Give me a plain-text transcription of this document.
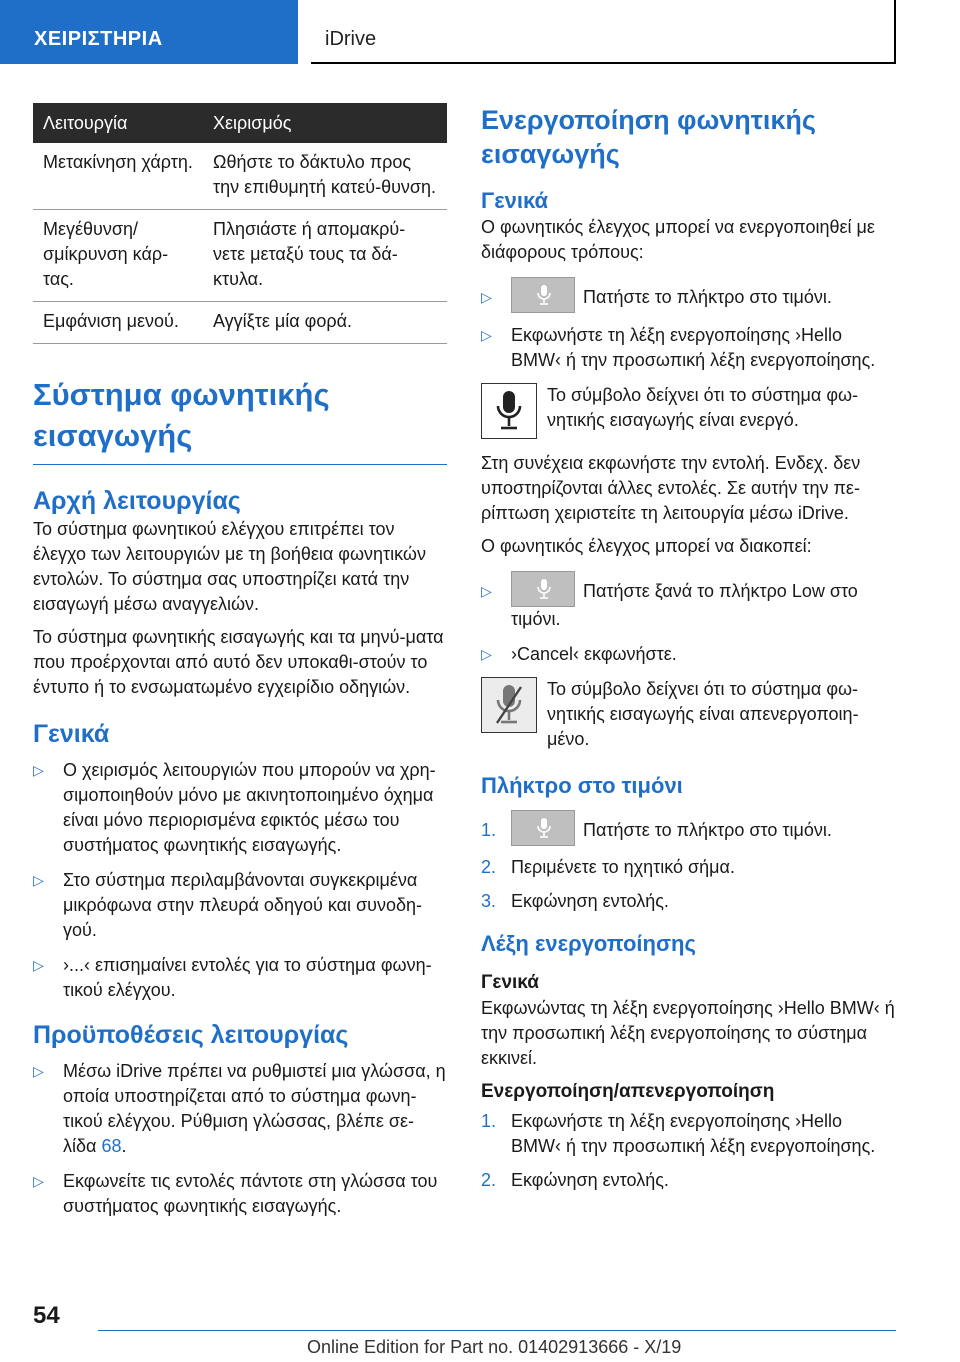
ΧΕΙΡΙΣΤΗΡΙΑ	iDrive
Λειτουργία	Χειρισμός
Μετακίνηση χάρτη.	Ωθήστε το δάκτυλο προς την επιθυμητή κατεύ-θυνση.
Μεγέθυνση/σμίκρυνση κάρ-τας.	Πλησιάστε ή απομακρύ-νετε μεταξύ τους τα δά-κτυλα.
Εμφάνιση μενού.	Αγγίξτε μία φορά.
Σύστημα φωνητικής εισαγωγής
Αρχή λειτουργίας

Το σύστημα φωνητικού ελέγχου επιτρέπει τον έλεγχο των λειτουργιών με τη βοήθεια φωνητικών εντολών. Το σύστημα σας υποστηρίζει κατά την εισαγωγή μέσω αναγγελιών.

Το σύστημα φωνητικής εισαγωγής και τα μηνύ-ματα που προέρχονται από αυτό δεν υποκαθι-στούν το έντυπο ή το ενσωματωμένο εγχειρίδιο οδηγιών.

Γενικά
▷ Ο χειρισμός λειτουργιών που μπορούν να χρη-σιμοποιηθούν μόνο με ακινητοποιημένο όχημα είναι μόνο περιορισμένα εφικτός μέσω του συστήματος φωνητικής εισαγωγής.
▷ Στο σύστημα περιλαμβάνονται συγκεκριμένα μικρόφωνα στην πλευρά οδηγού και συνοδη-γού.
▷ ›...‹ επισημαίνει εντολές για το σύστημα φωνη-τικού ελέγχου.
Προϋποθέσεις λειτουργίας
▷ Μέσω iDrive πρέπει να ρυθμιστεί μια γλώσσα, η οποία υποστηρίζεται από το σύστημα φωνη-τικού ελέγχου. Ρύθμιση γλώσσας, βλέπε σε-λίδα 68.
▷ Εκφωνείτε τις εντολές πάντοτε στη γλώσσα του συστήματος φωνητικής εισαγωγής.
Ενεργοποίηση φωνητικής εισαγωγής
Γενικά

Ο φωνητικός έλεγχος μπορεί να ενεργοποιηθεί με διάφορους τρόπους:

▷	Πατήστε το πλήκτρο στο τιμόνι.
▷ Εκφωνήστε τη λέξη ενεργοποίησης ›Hello BMW‹ ή την προσωπική λέξη ενεργοποίησης.
Το σύμβολο δείχνει ότι το σύστημα φω-νητικής εισαγωγής είναι ενεργό.

Στη συνέχεια εκφωνήστε την εντολή. Ενδεχ. δεν υποστηρίζονται άλλες εντολές. Σε αυτήν την πε-ρίπτωση χειριστείτε τη λειτουργία μέσω iDrive.

Ο φωνητικός έλεγχος μπορεί να διακοπεί:

▷	Πατήστε ξανά το πλήκτρο Low στο τιμόνι.
▷ ›Cancel‹ εκφωνήστε.
Το σύμβολο δείχνει ότι το σύστημα φω-νητικής εισαγωγής είναι απενεργοποιη-μένο.
Πλήκτρο στο τιμόνι
1.	Πατήστε το πλήκτρο στο τιμόνι.
2. Περιμένετε το ηχητικό σήμα.
3. Εκφώνηση εντολής.
Λέξη ενεργοποίησης
Γενικά

Εκφωνώντας τη λέξη ενεργοποίησης ›Hello BMW‹ ή την προσωπική λέξη ενεργοποίησης το σύστημα εκκινεί.

Ενεργοποίηση/απενεργοποίηση
1. Εκφωνήστε τη λέξη ενεργοποίησης ›Hello BMW‹ ή την προσωπική λέξη ενεργοποίησης.
2. Εκφώνηση εντολής.
54
Online Edition for Part no. 01402913666 - X/19
